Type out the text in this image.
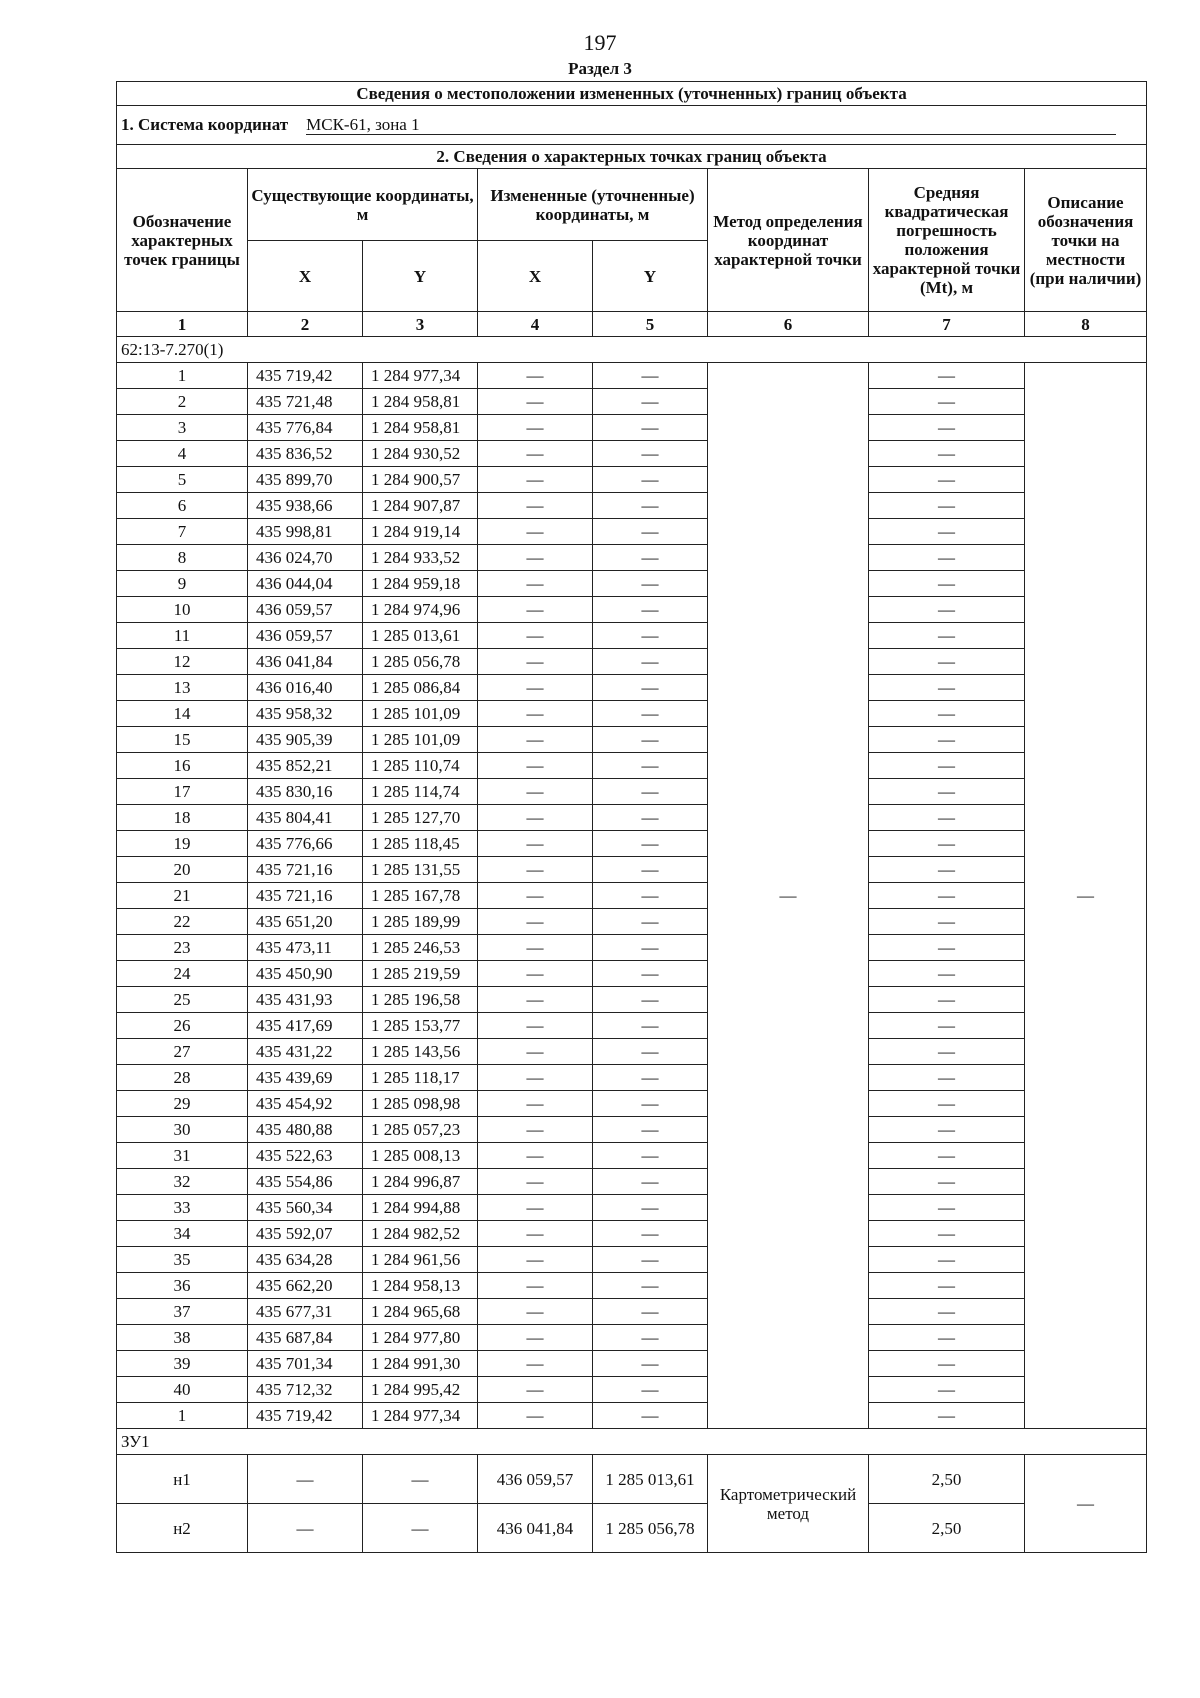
197
Раздел 3
Сведения о местоположении измененных (уточненных) границ объекта							
1. Система координат МСК-61, зона 1							
2. Сведения о характерных точках границ объекта							
Обозначение характерных точек границы	Существующие координаты, м		Измененные (уточненные) координаты, м		Метод определения координат характерной точки	Средняя квадратическая погрешность положения характерной точки (Mt), м	Описание обозначения точки на местности (при наличии)
	X	Y	X	Y			
1	2	3	4	5	6	7	8
62:13-7.270(1)							
1	435 719,42	1 284 977,34	—	—	—	—	—
2	435 721,48	1 284 958,81	—	—		—	
3	435 776,84	1 284 958,81	—	—		—	
4	435 836,52	1 284 930,52	—	—		—	
5	435 899,70	1 284 900,57	—	—		—	
6	435 938,66	1 284 907,87	—	—		—	
7	435 998,81	1 284 919,14	—	—		—	
8	436 024,70	1 284 933,52	—	—		—	
9	436 044,04	1 284 959,18	—	—		—	
10	436 059,57	1 284 974,96	—	—		—	
11	436 059,57	1 285 013,61	—	—		—	
12	436 041,84	1 285 056,78	—	—		—	
13	436 016,40	1 285 086,84	—	—		—	
14	435 958,32	1 285 101,09	—	—		—	
15	435 905,39	1 285 101,09	—	—		—	
16	435 852,21	1 285 110,74	—	—		—	
17	435 830,16	1 285 114,74	—	—		—	
18	435 804,41	1 285 127,70	—	—		—	
19	435 776,66	1 285 118,45	—	—		—	
20	435 721,16	1 285 131,55	—	—		—	
21	435 721,16	1 285 167,78	—	—		—	
22	435 651,20	1 285 189,99	—	—		—	
23	435 473,11	1 285 246,53	—	—		—	
24	435 450,90	1 285 219,59	—	—		—	
25	435 431,93	1 285 196,58	—	—		—	
26	435 417,69	1 285 153,77	—	—		—	
27	435 431,22	1 285 143,56	—	—		—	
28	435 439,69	1 285 118,17	—	—		—	
29	435 454,92	1 285 098,98	—	—		—	
30	435 480,88	1 285 057,23	—	—		—	
31	435 522,63	1 285 008,13	—	—		—	
32	435 554,86	1 284 996,87	—	—		—	
33	435 560,34	1 284 994,88	—	—		—	
34	435 592,07	1 284 982,52	—	—		—	
35	435 634,28	1 284 961,56	—	—		—	
36	435 662,20	1 284 958,13	—	—		—	
37	435 677,31	1 284 965,68	—	—		—	
38	435 687,84	1 284 977,80	—	—		—	
39	435 701,34	1 284 991,30	—	—		—	
40	435 712,32	1 284 995,42	—	—		—	
1	435 719,42	1 284 977,34	—	—		—	
ЗУ1							
н1	—	—	436 059,57	1 285 013,61	Картометрический метод	2,50	—
н2	—	—	436 041,84	1 285 056,78		2,50	
